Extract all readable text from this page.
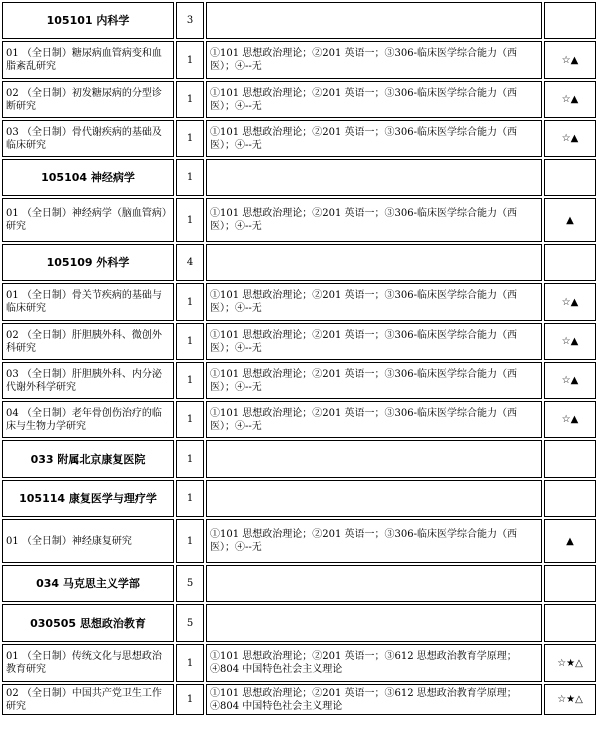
105101 内科学	3		
01 （全日制）糖尿病血管病变和血脂紊乱研究	1	①101 思想政治理论；②201 英语一；③306-临床医学综合能力（西医）；④--无	☆▲
02 （全日制）初发糖尿病的分型诊断研究	1	①101 思想政治理论；②201 英语一；③306-临床医学综合能力（西医）；④--无	☆▲
03 （全日制）骨代谢疾病的基础及临床研究	1	①101 思想政治理论；②201 英语一；③306-临床医学综合能力（西医）；④--无	☆▲
105104 神经病学	1		
01 （全日制）神经病学（脑血管病）研究	1	①101 思想政治理论；②201 英语一；③306-临床医学综合能力（西医）；④--无	▲
105109 外科学	4		
01 （全日制）骨关节疾病的基础与临床研究	1	①101 思想政治理论；②201 英语一；③306-临床医学综合能力（西医）；④--无	☆▲
02 （全日制）肝胆胰外科、微创外科研究	1	①101 思想政治理论；②201 英语一；③306-临床医学综合能力（西医）；④--无	☆▲
03 （全日制）肝胆胰外科、内分泌代谢外科学研究	1	①101 思想政治理论；②201 英语一；③306-临床医学综合能力（西医）；④--无	☆▲
04 （全日制）老年骨创伤治疗的临床与生物力学研究	1	①101 思想政治理论；②201 英语一；③306-临床医学综合能力（西医）；④--无	☆▲
033 附属北京康复医院	1		
105114 康复医学与理疗学	1		
01 （全日制）神经康复研究	1	①101 思想政治理论；②201 英语一；③306-临床医学综合能力（西医）；④--无	▲
034 马克思主义学部	5		
030505 思想政治教育	5		
01 （全日制）传统文化与思想政治教育研究	1	①101 思想政治理论；②201 英语一；③612 思想政治教育学原理；④804 中国特色社会主义理论	☆★△
02 （全日制）中国共产党卫生工作研究	1	①101 思想政治理论；②201 英语一；③612 思想政治教育学原理；④804 中国特色社会主义理论	☆★△
